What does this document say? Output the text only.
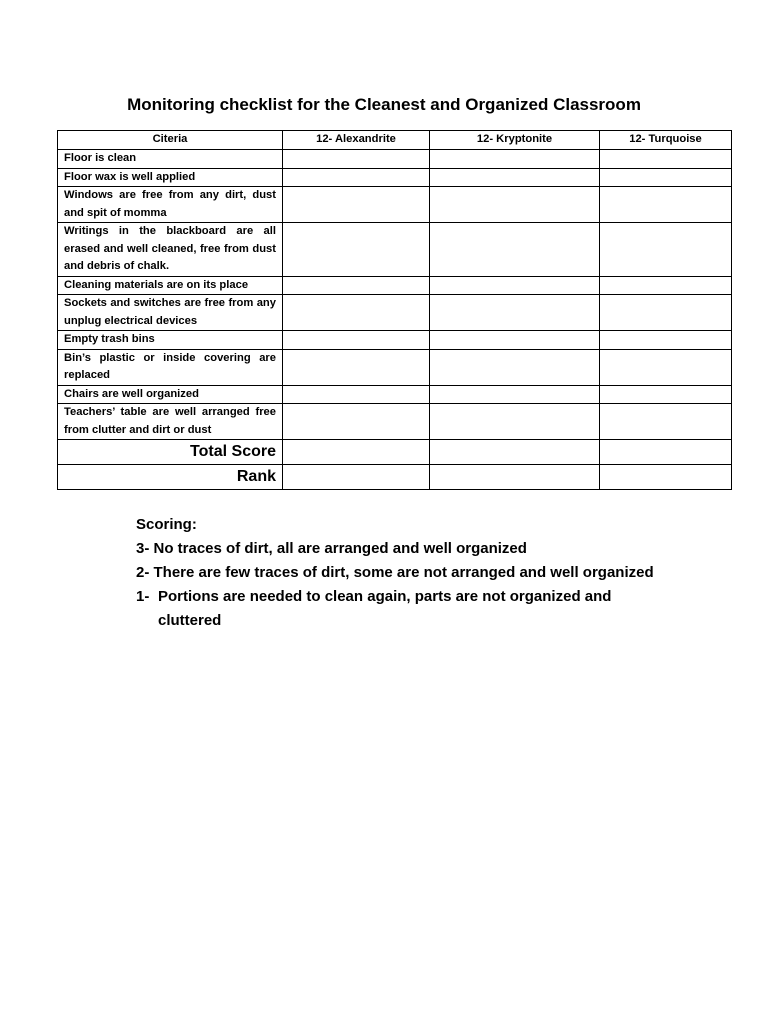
Monitoring checklist for the Cleanest and Organized Classroom
Citeria	12- Alexandrite	12- Kryptonite	12- Turquoise
Floor is clean			
Floor wax is well applied			
Windows are free from any dirt, dust and spit of momma			
Writings in the blackboard are all erased and well cleaned, free from dust and debris of chalk.			
Cleaning materials are on its place			
Sockets and switches are free from any unplug electrical devices			
Empty trash bins			
Bin’s plastic or inside covering are replaced			
Chairs are well organized			
Teachers’ table are well arranged free from clutter and dirt or dust			
Total Score			
Rank			
Scoring:
3- No traces of dirt, all are arranged and well organized
2- There are few traces of dirt, some are not arranged and well organized
1- Portions are needed to clean again, parts are not organized and cluttered
